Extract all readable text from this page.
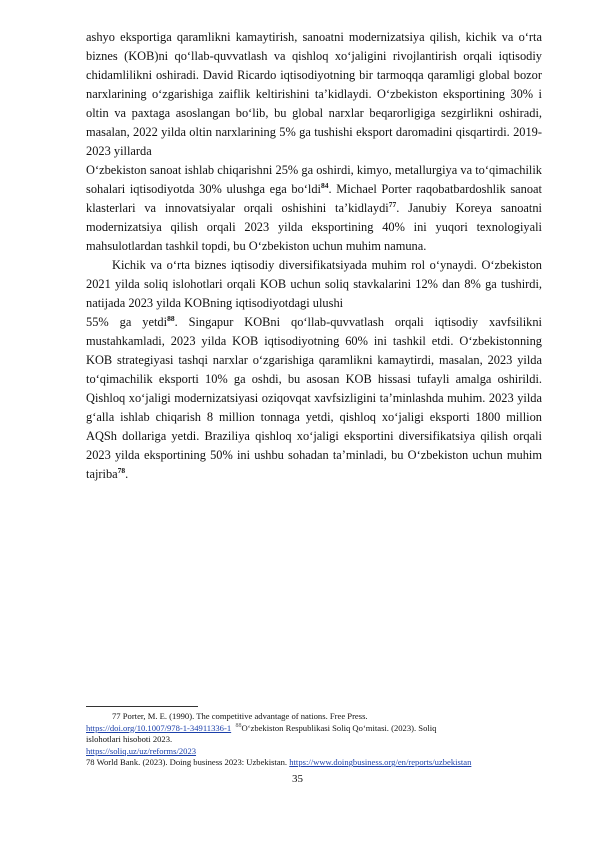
ashyo eksportiga qaramlikni kamaytirish, sanoatni modernizatsiya qilish, kichik va o‘rta biznes (KOB)ni qo‘llab-quvvatlash va qishloq xo‘jaligini rivojlantirish orqali iqtisodiy chidamlilikni oshiradi. David Ricardo iqtisodiyotning bir tarmoqqa qaramligi global bozor narxlarining o‘zgarishiga zaiflik keltirishini ta’kidlaydi. O‘zbekiston eksportining 30% i oltin va paxtaga asoslangan bo‘lib, bu global narxlar beqarorligiga sezgirlikni oshiradi, masalan, 2022 yilda oltin narxlarining 5% ga tushishi eksport daromadini qisqartirdi. 2019-2023 yillarda

O‘zbekiston sanoat ishlab chiqarishni 25% ga oshirdi, kimyo, metallurgiya va to‘qimachilik sohalari iqtisodiyotda 30% ulushga ega bo‘ldi$^{84}$. Michael Porter raqobatbardoshlik sanoat klasterlari va innovatsiyalar orqali oshishini ta’kidlaydi$^{77}$. Janubiy Koreya sanoatni modernizatsiya qilish orqali 2023 yilda eksportining 40% ini yuqori texnologiyali mahsulotlardan tashkil topdi, bu O‘zbekiston uchun muhim namuna.

Kichik va o‘rta biznes iqtisodiy diversifikatsiyada muhim rol o‘ynaydi. O‘zbekiston 2021 yilda soliq islohotlari orqali KOB uchun soliq stavkalarini 12% dan 8% ga tushirdi, natijada 2023 yilda KOBning iqtisodiyotdagi ulushi

55% ga yetdi$^{88}$. Singapur KOBni qo‘llab-quvvatlash orqali iqtisodiy xavfsilikni mustahkamladi, 2023 yilda KOB iqtisodiyotning 60% ini tashkil etdi. O‘zbekistonning KOB strategiyasi tashqi narxlar o‘zgarishiga qaramlikni kamaytirdi, masalan, 2023 yilda to‘qimachilik eksporti 10% ga oshdi, bu asosan KOB hissasi tufayli amalga oshirildi. Qishloq xo‘jaligi modernizatsiyasi oziqovqat xavfsizligini ta’minlashda muhim. 2023 yilda g‘alla ishlab chiqarish 8 million tonnaga yetdi, qishloq xo‘jaligi eksporti 1800 million AQSh dollariga yetdi. Braziliya qishloq xo‘jaligi eksportini diversifikatsiya qilish orqali 2023 yilda eksportining 50% ini ushbu sohadan ta’minladi, bu O‘zbekiston uchun muhim tajriba$^{78}$.

77 Porter, M. E. (1990). The competitive advantage of nations. Free Press.
https://doi.org/10.1007/978-1-34911336-1 $^{88}$O‘zbekiston Respublikasi Soliq Qo‘mitasi. (2023). Soliq
islohotlari hisoboti 2023.
https://soliq.uz/uz/reforms/2023
78 World Bank. (2023). Doing business 2023: Uzbekistan. https://www.doingbusiness.org/en/reports/uzbekistan
35
